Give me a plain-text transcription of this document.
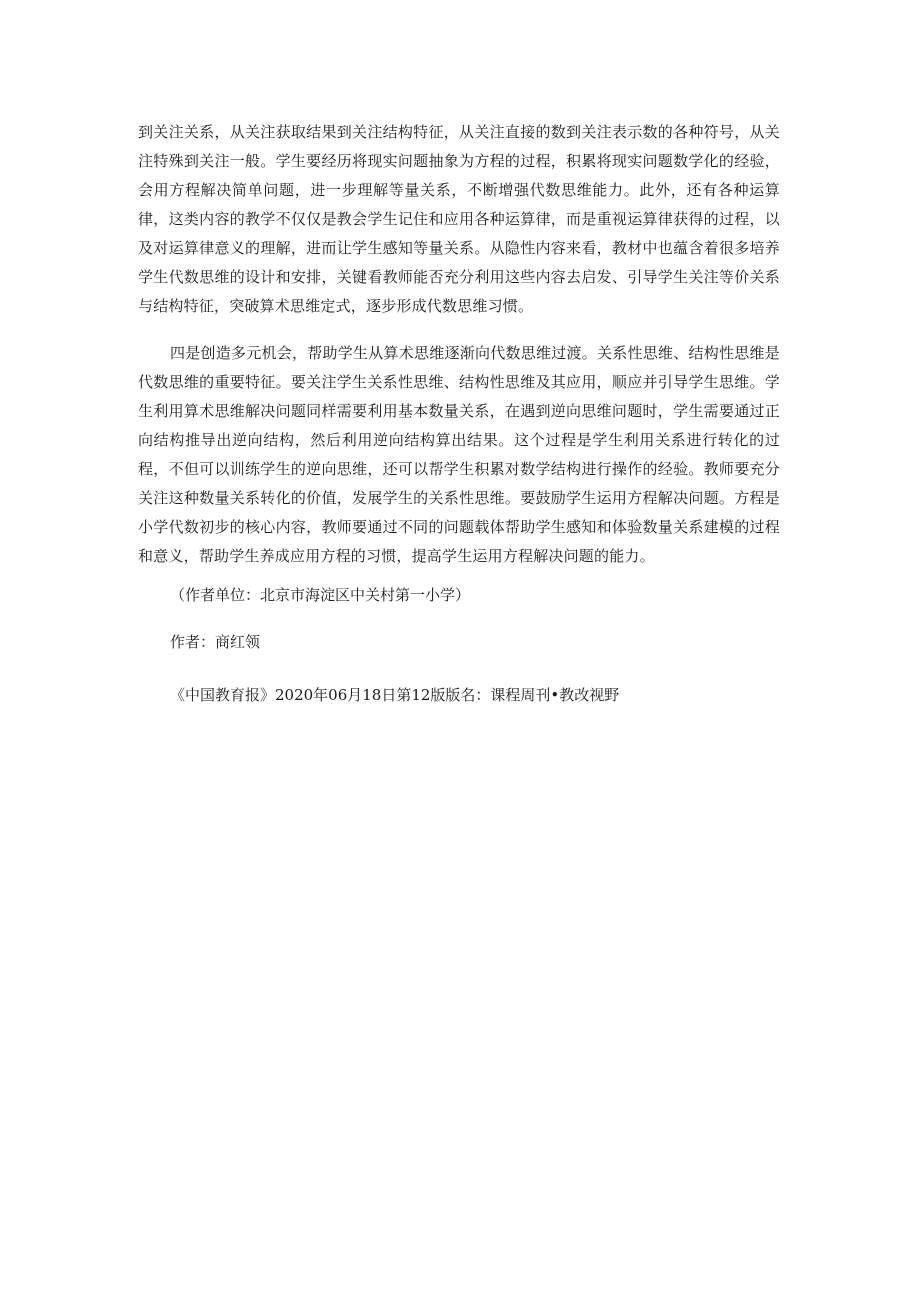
到关注关系，从关注获取结果到关注结构特征，从关注直接的数到关注表示数的各种符号，从关注特殊到关注一般。学生要经历将现实问题抽象为方程的过程，积累将现实问题数学化的经验，会用方程解决简单问题，进一步理解等量关系，不断增强代数思维能力。此外，还有各种运算律，这类内容的教学不仅仅是教会学生记住和应用各种运算律，而是重视运算律获得的过程，以及对运算律意义的理解，进而让学生感知等量关系。从隐性内容来看，教材中也蕴含着很多培养学生代数思维的设计和安排，关键看教师能否充分利用这些内容去启发、引导学生关注等价关系与结构特征，突破算术思维定式，逐步形成代数思维习惯。

四是创造多元机会，帮助学生从算术思维逐渐向代数思维过渡。关系性思维、结构性思维是代数思维的重要特征。要关注学生关系性思维、结构性思维及其应用，顺应并引导学生思维。学生利用算术思维解决问题同样需要利用基本数量关系，在遇到逆向思维问题时，学生需要通过正向结构推导出逆向结构，然后利用逆向结构算出结果。这个过程是学生利用关系进行转化的过程，不但可以训练学生的逆向思维，还可以帮学生积累对数学结构进行操作的经验。教师要充分关注这种数量关系转化的价值，发展学生的关系性思维。要鼓励学生运用方程解决问题。方程是小学代数初步的核心内容，教师要通过不同的问题载体帮助学生感知和体验数量关系建模的过程和意义，帮助学生养成应用方程的习惯，提高学生运用方程解决问题的能力。

（作者单位：北京市海淀区中关村第一小学）

作者：商红领

《中国教育报》2020年06月18日第12版版名：课程周刊•教改视野
